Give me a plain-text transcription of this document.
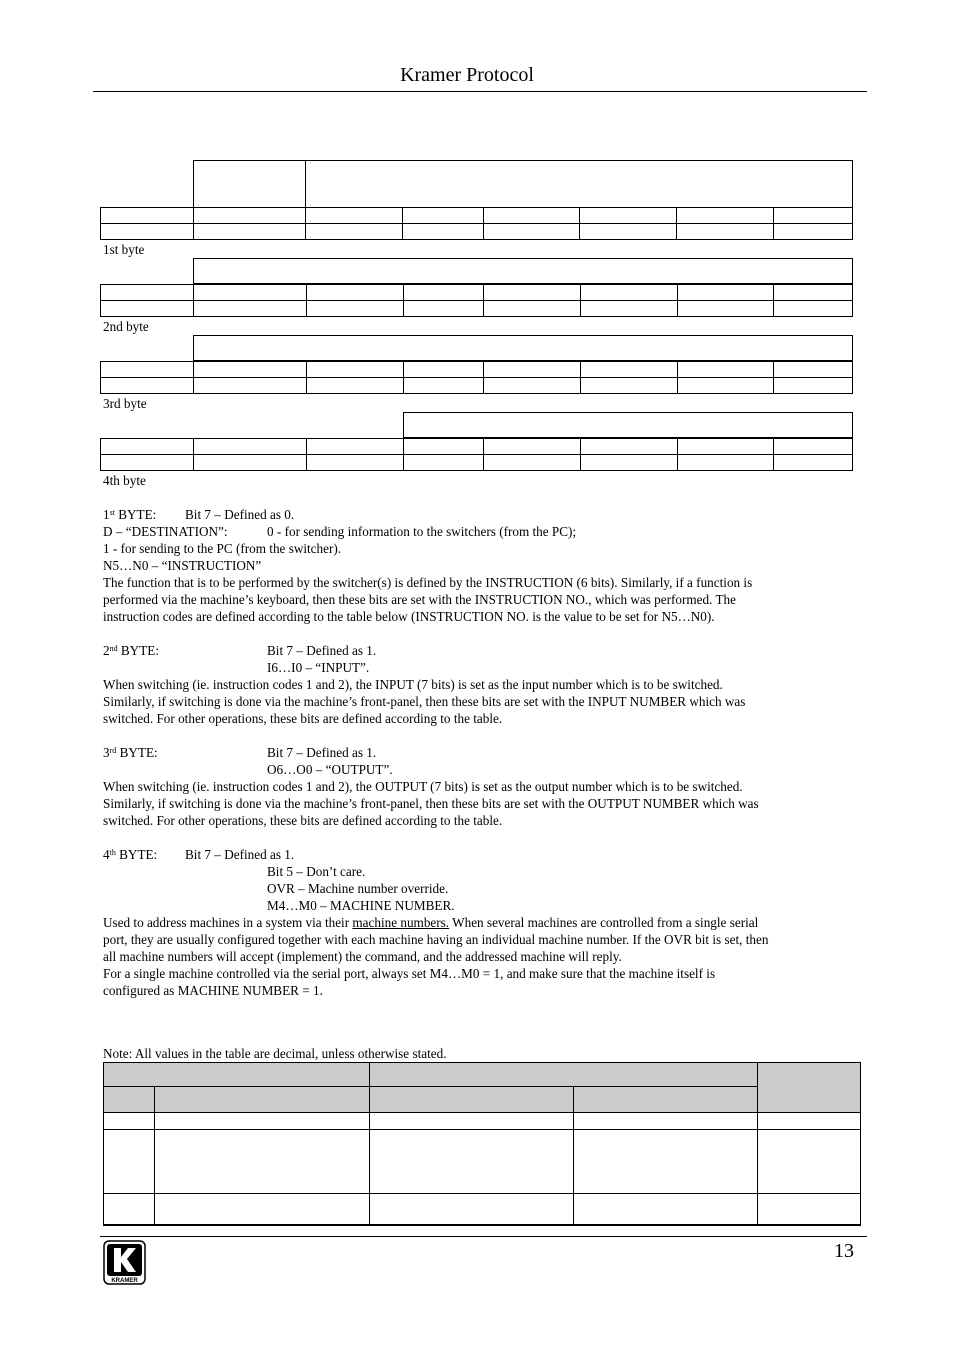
Kramer Protocol
1st byte
2nd byte
3rd byte
4th byte
1st BYTE: Bit 7 – Defined as 0.
D – “DESTINATION”:	0 - for sending information to the switchers (from the PC);
1 - for sending to the PC (from the switcher).
N5…N0 – “INSTRUCTION”
The function that is to be performed by the switcher(s) is defined by the INSTRUCTION (6 bits). Similarly, if a function is
performed via the machine’s keyboard, then these bits are set with the INSTRUCTION NO., which was performed. The
instruction codes are defined according to the table below (INSTRUCTION NO. is the value to be set for N5…N0).
2nd BYTE:	Bit 7 – Defined as 1.
I6…I0 – “INPUT”.
When switching (ie. instruction codes 1 and 2), the INPUT (7 bits) is set as the input number which is to be switched.
Similarly, if switching is done via the machine’s front-panel, then these bits are set with the INPUT NUMBER which was
switched. For other operations, these bits are defined according to the table.
3rd BYTE:	Bit 7 – Defined as 1.
O6…O0 – “OUTPUT”.
When switching (ie. instruction codes 1 and 2), the OUTPUT (7 bits) is set as the output number which is to be switched.
Similarly, if switching is done via the machine’s front-panel, then these bits are set with the OUTPUT NUMBER which was
switched. For other operations, these bits are defined according to the table.
4th BYTE: Bit 7 – Defined as 1.
Bit 5 – Don’t care.
OVR – Machine number override.
M4…M0 – MACHINE NUMBER.
Used to address machines in a system via their machine numbers. When several machines are controlled from a single serial
port, they are usually configured together with each machine having an individual machine number. If the OVR bit is set, then
all machine numbers will accept (implement) the command, and the addressed machine will reply.
For a single machine controlled via the serial port, always set M4…M0 = 1, and make sure that the machine itself is
configured as MACHINE NUMBER = 1.
Note: All values in the table are decimal, unless otherwise stated.
KRAMER
13
